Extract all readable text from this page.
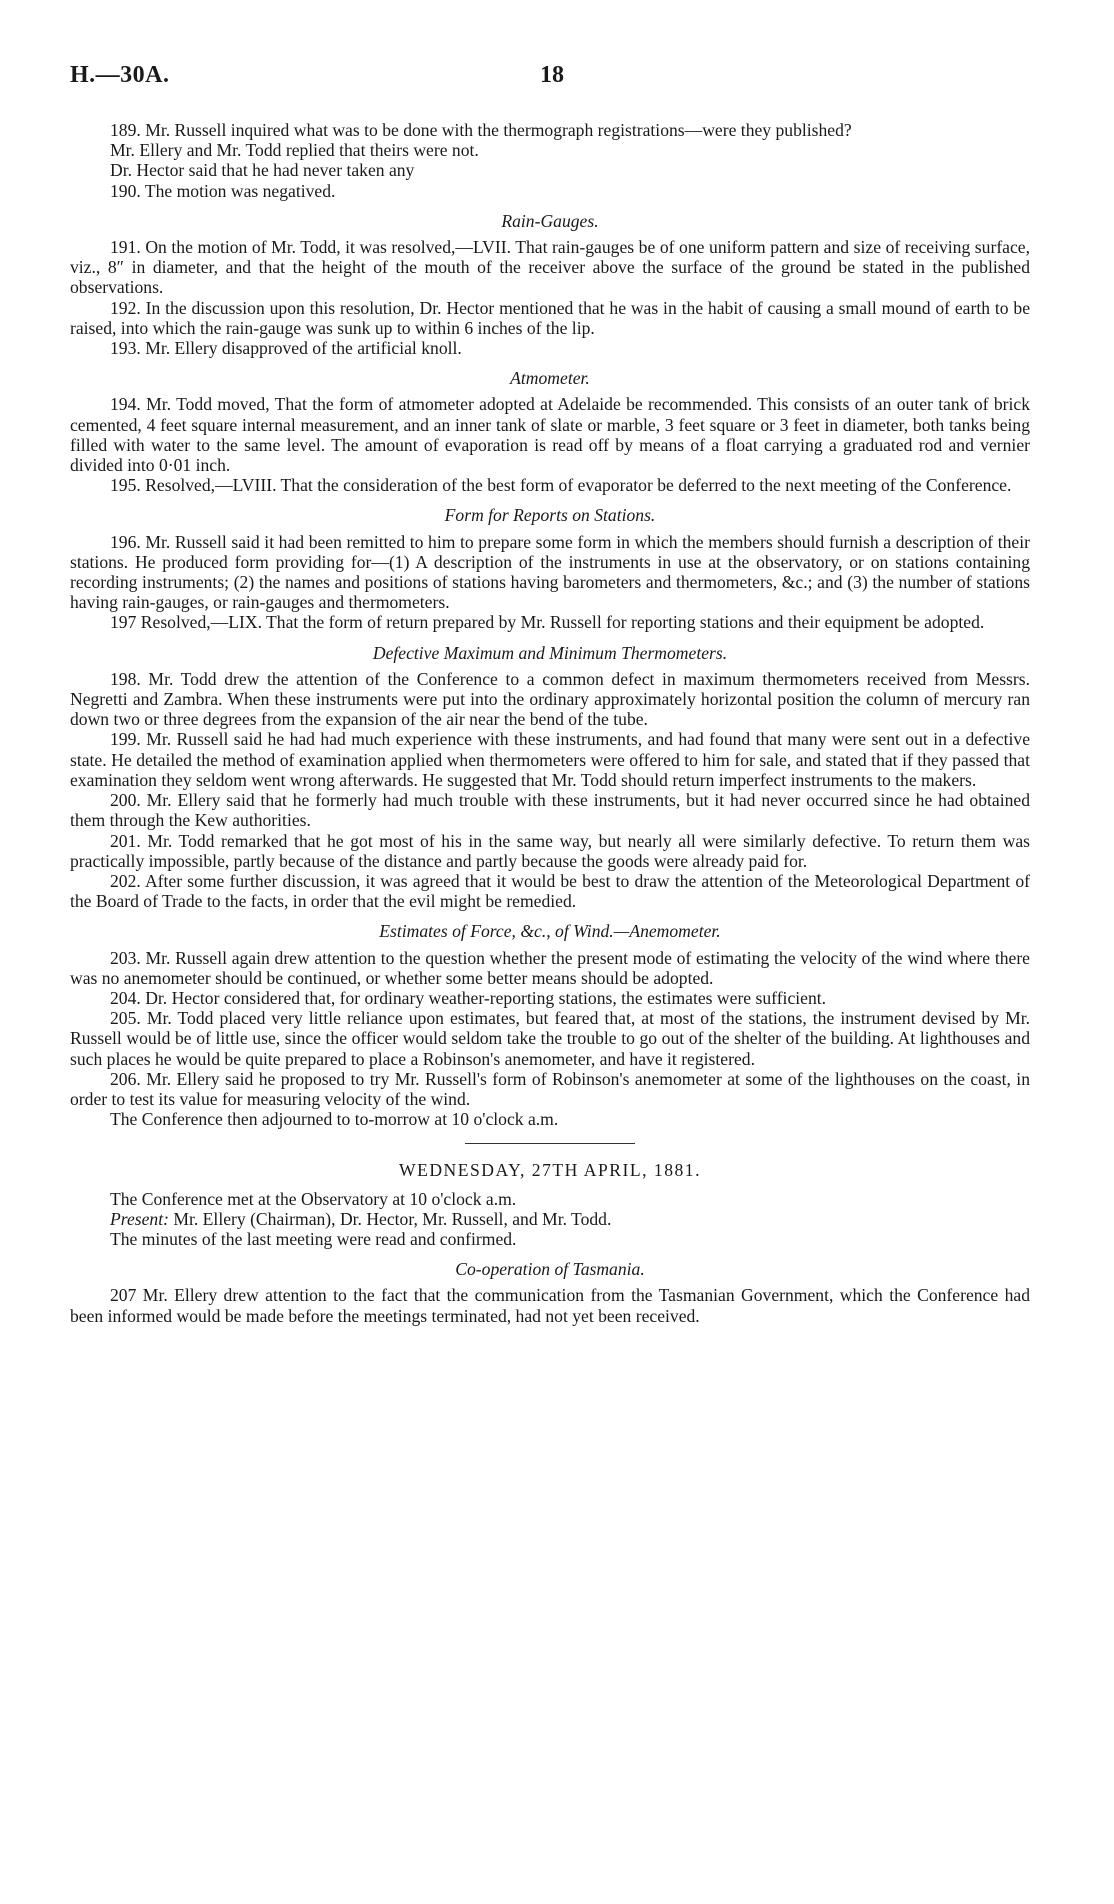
H.—30A.	18

189. Mr. Russell inquired what was to be done with the thermograph registrations—were they published?

Mr. Ellery and Mr. Todd replied that theirs were not.

Dr. Hector said that he had never taken any

190. The motion was negatived.

Rain-Gauges.

191. On the motion of Mr. Todd, it was resolved,—LVII. That rain-gauges be of one uniform pattern and size of receiving surface, viz., 8″ in diameter, and that the height of the mouth of the receiver above the surface of the ground be stated in the published observations.

192. In the discussion upon this resolution, Dr. Hector mentioned that he was in the habit of causing a small mound of earth to be raised, into which the rain-gauge was sunk up to within 6 inches of the lip.

193. Mr. Ellery disapproved of the artificial knoll.

Atmometer.

194. Mr. Todd moved, That the form of atmometer adopted at Adelaide be recommended. This consists of an outer tank of brick cemented, 4 feet square internal measurement, and an inner tank of slate or marble, 3 feet square or 3 feet in diameter, both tanks being filled with water to the same level. The amount of evaporation is read off by means of a float carrying a graduated rod and vernier divided into 0·01 inch.

195. Resolved,—LVIII. That the consideration of the best form of evaporator be deferred to the next meeting of the Conference.

Form for Reports on Stations.

196. Mr. Russell said it had been remitted to him to prepare some form in which the members should furnish a description of their stations. He produced form providing for—(1) A description of the instruments in use at the observatory, or on stations containing recording instruments; (2) the names and positions of stations having barometers and thermometers, &c.; and (3) the number of stations having rain-gauges, or rain-gauges and thermometers.

197 Resolved,—LIX. That the form of return prepared by Mr. Russell for reporting stations and their equipment be adopted.

Defective Maximum and Minimum Thermometers.

198. Mr. Todd drew the attention of the Conference to a common defect in maximum thermometers received from Messrs. Negretti and Zambra. When these instruments were put into the ordinary approximately horizontal position the column of mercury ran down two or three degrees from the expansion of the air near the bend of the tube.

199. Mr. Russell said he had had much experience with these instruments, and had found that many were sent out in a defective state. He detailed the method of examination applied when thermometers were offered to him for sale, and stated that if they passed that examination they seldom went wrong afterwards. He suggested that Mr. Todd should return imperfect instruments to the makers.

200. Mr. Ellery said that he formerly had much trouble with these instruments, but it had never occurred since he had obtained them through the Kew authorities.

201. Mr. Todd remarked that he got most of his in the same way, but nearly all were similarly defective. To return them was practically impossible, partly because of the distance and partly because the goods were already paid for.

202. After some further discussion, it was agreed that it would be best to draw the attention of the Meteorological Department of the Board of Trade to the facts, in order that the evil might be remedied.

Estimates of Force, &c., of Wind.—Anemometer.

203. Mr. Russell again drew attention to the question whether the present mode of estimating the velocity of the wind where there was no anemometer should be continued, or whether some better means should be adopted.

204. Dr. Hector considered that, for ordinary weather-reporting stations, the estimates were sufficient.

205. Mr. Todd placed very little reliance upon estimates, but feared that, at most of the stations, the instrument devised by Mr. Russell would be of little use, since the officer would seldom take the trouble to go out of the shelter of the building. At lighthouses and such places he would be quite prepared to place a Robinson's anemometer, and have it registered.

206. Mr. Ellery said he proposed to try Mr. Russell's form of Robinson's anemometer at some of the lighthouses on the coast, in order to test its value for measuring velocity of the wind.

The Conference then adjourned to to-morrow at 10 o'clock a.m.

WEDNESDAY, 27TH APRIL, 1881.

The Conference met at the Observatory at 10 o'clock a.m.

Present: Mr. Ellery (Chairman), Dr. Hector, Mr. Russell, and Mr. Todd.

The minutes of the last meeting were read and confirmed.

Co-operation of Tasmania.

207 Mr. Ellery drew attention to the fact that the communication from the Tasmanian Government, which the Conference had been informed would be made before the meetings terminated, had not yet been received.
